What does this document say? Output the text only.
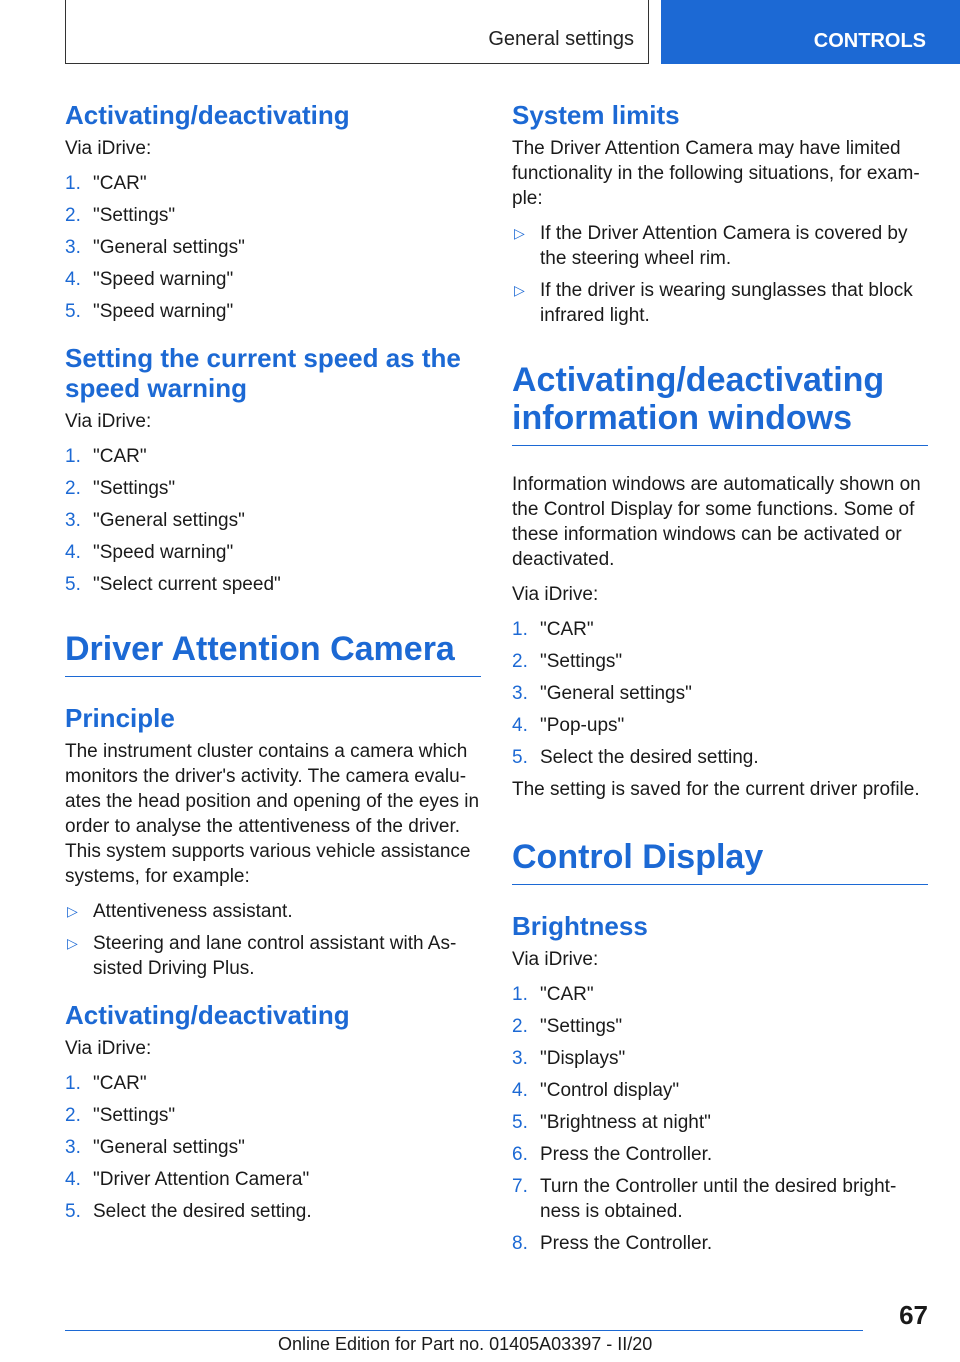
General settings	CONTROLS
Activating/deactivating

Via iDrive:

1. "CAR"
2. "Settings"
3. "General settings"
4. "Speed warning"
5. "Speed warning"
Setting the current speed as the speed warning

Via iDrive:

1. "CAR"
2. "Settings"
3. "General settings"
4. "Speed warning"
5. "Select current speed"
Driver Attention Camera
Principle

The instrument cluster contains a camera which monitors the driver's activity. The camera evaluates the head position and opening of the eyes in order to analyse the attentiveness of the driver. This system supports various vehicle assistance systems, for example:

▷ Attentiveness assistant.
▷ Steering and lane control assistant with Assisted Driving Plus.
Activating/deactivating

Via iDrive:

1. "CAR"
2. "Settings"
3. "General settings"
4. "Driver Attention Camera"
5. Select the desired setting.
System limits

The Driver Attention Camera may have limited functionality in the following situations, for example:

▷ If the Driver Attention Camera is covered by the steering wheel rim.
▷ If the driver is wearing sunglasses that block infrared light.
Activating/deactivating information windows

Information windows are automatically shown on the Control Display for some functions. Some of these information windows can be activated or deactivated.

Via iDrive:

1. "CAR"
2. "Settings"
3. "General settings"
4. "Pop-ups"
5. Select the desired setting.

The setting is saved for the current driver profile.

Control Display
Brightness

Via iDrive:

1. "CAR"
2. "Settings"
3. "Displays"
4. "Control display"
5. "Brightness at night"
6. Press the Controller.
7. Turn the Controller until the desired brightness is obtained.
8. Press the Controller.
67
Online Edition for Part no. 01405A03397 - II/20
